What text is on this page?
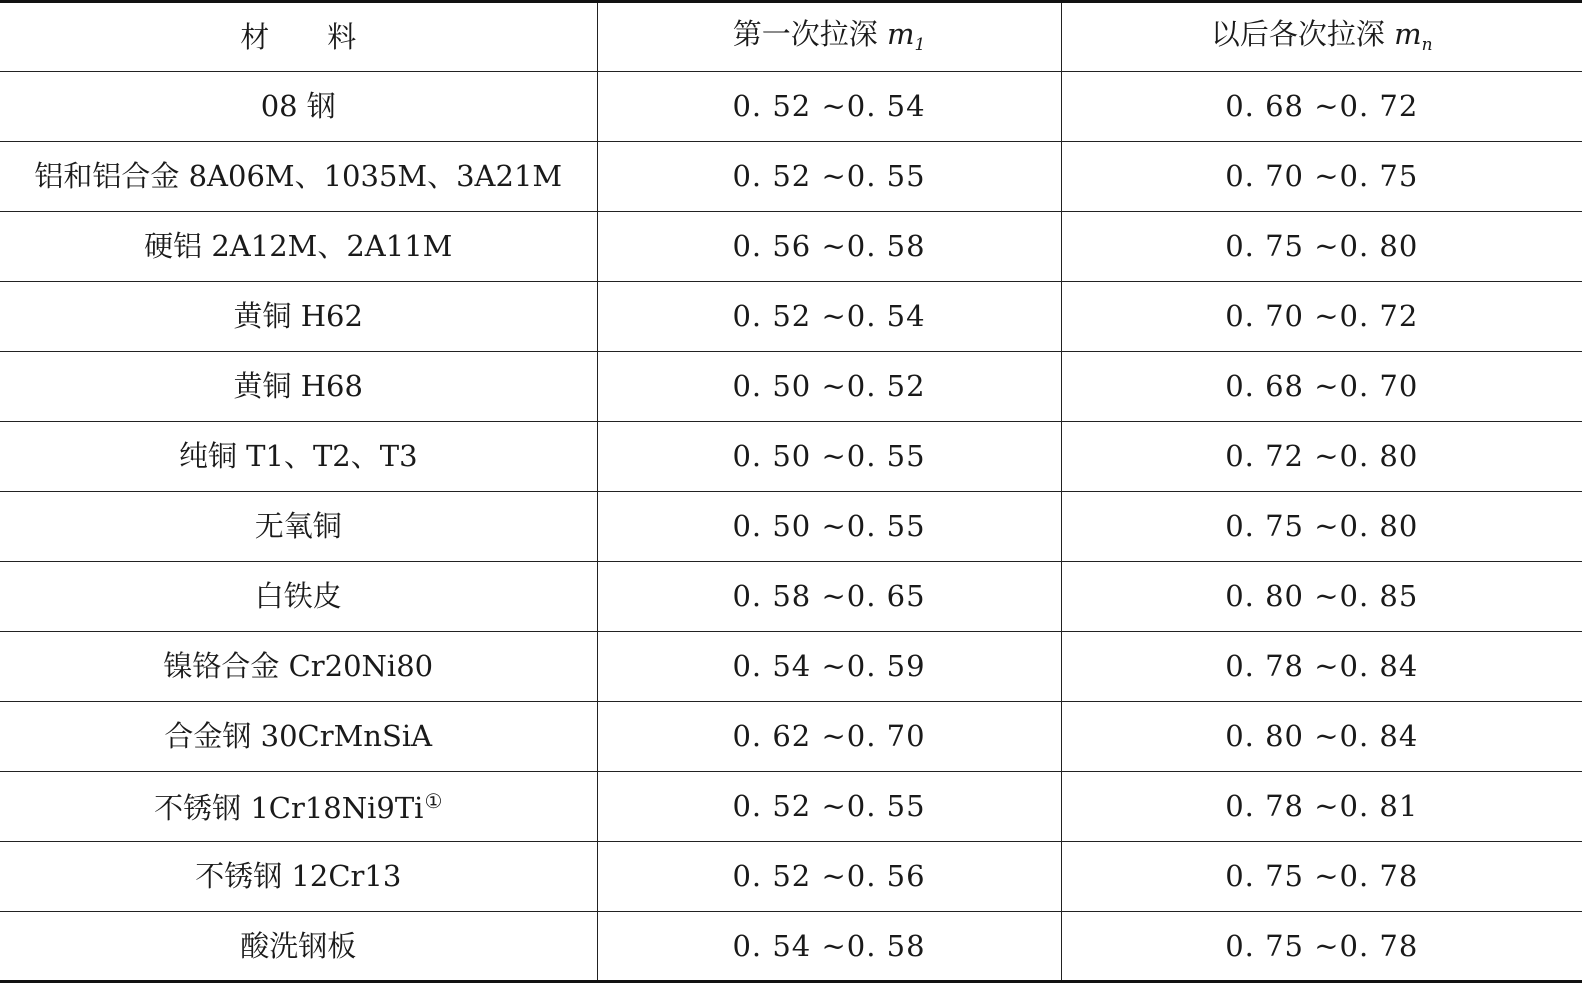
材料	第一次拉深 $m_1$	以后各次拉深 $m_n$
08 钢	0. 52 ~0. 54	0. 68 ~0. 72
铝和铝合金 8A06M、1035M、3A21M	0. 52 ~0. 55	0. 70 ~0. 75
硬铝 2A12M、2A11M	0. 56 ~0. 58	0. 75 ~0. 80
黄铜 H62	0. 52 ~0. 54	0. 70 ~0. 72
黄铜 H68	0. 50 ~0. 52	0. 68 ~0. 70
纯铜 T1、T2、T3	0. 50 ~0. 55	0. 72 ~0. 80
无氧铜	0. 50 ~0. 55	0. 75 ~0. 80
白铁皮	0. 58 ~0. 65	0. 80 ~0. 85
镍铬合金 Cr20Ni80	0. 54 ~0. 59	0. 78 ~0. 84
合金钢 30CrMnSiA	0. 62 ~0. 70	0. 80 ~0. 84
不锈钢 1Cr18Ni9Ti①	0. 52 ~0. 55	0. 78 ~0. 81
不锈钢 12Cr13	0. 52 ~0. 56	0. 75 ~0. 78
酸洗钢板	0. 54 ~0. 58	0. 75 ~0. 78
